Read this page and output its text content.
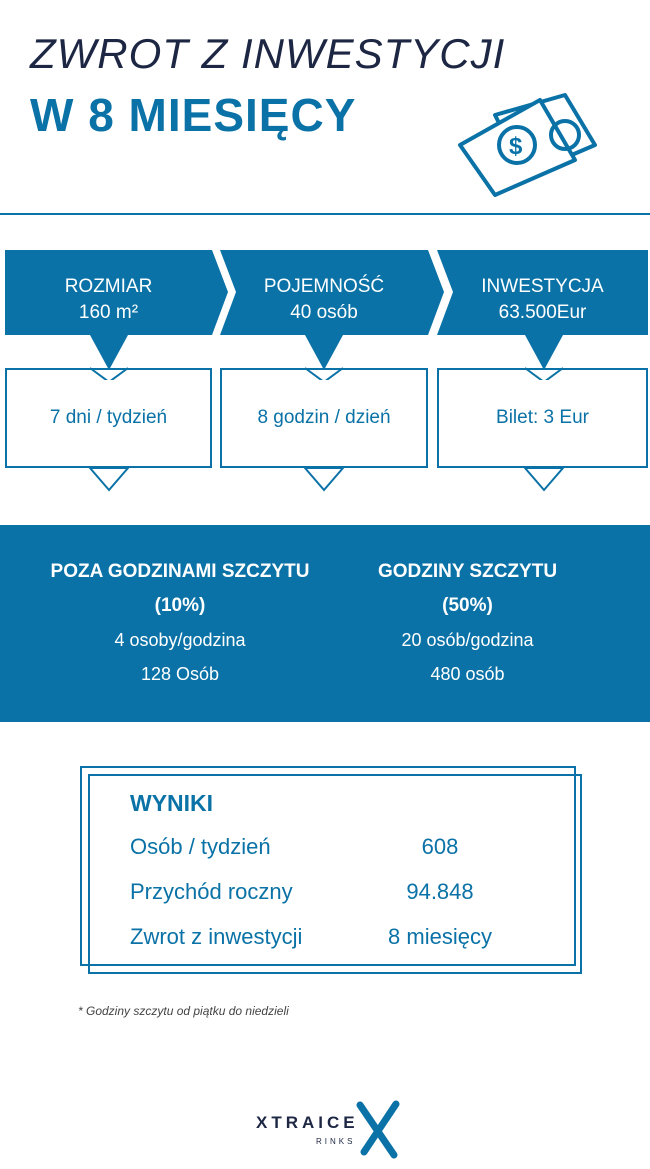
ZWROT Z INWESTYCJI
W 8 MIESIĘCY
$
ROZMIAR
160 m²
POJEMNOŚĆ
40 osób
INWESTYCJA
63.500Eur
7 dni / tydzień	8 godzin / dzień	Bilet: 3 Eur
POZA GODZINAMI SZCZYTU
(10%)
4 osoby/godzina
128 Osób
GODZINY SZCZYTU
(50%)
20 osób/godzina
480 osób
WYNIKI
Osób / tydzień	608
Przychód roczny	94.848
Zwrot z inwestycji	8 miesięcy
* Godziny szczytu od piątku do niedzieli
XTRAICE
RINKS
